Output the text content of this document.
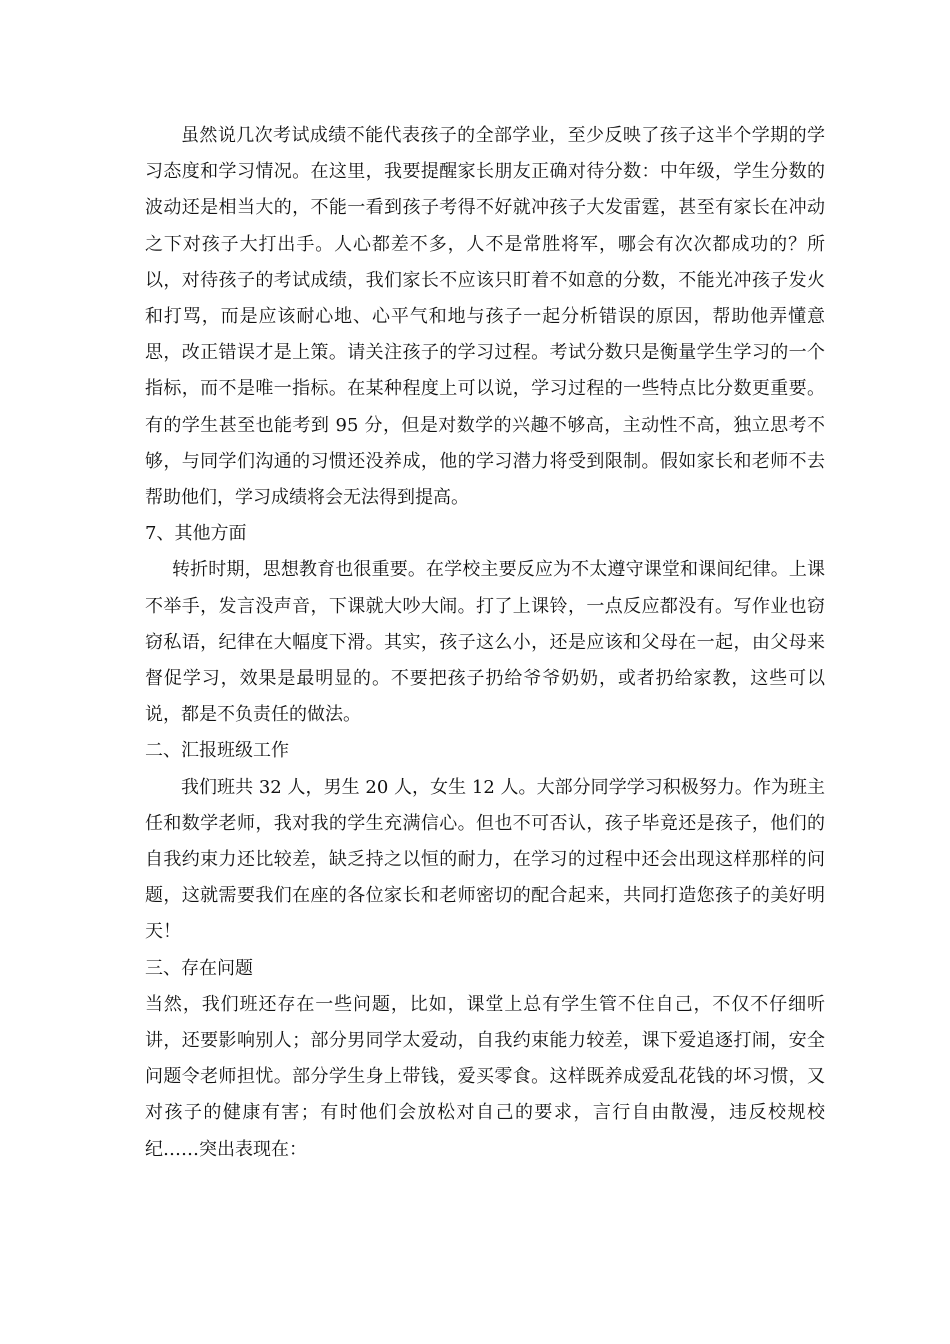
虽然说几次考试成绩不能代表孩子的全部学业，至少反映了孩子这半个学期的学习态度和学习情况。在这里，我要提醒家长朋友正确对待分数：中年级，学生分数的波动还是相当大的，不能一看到孩子考得不好就冲孩子大发雷霆，甚至有家长在冲动之下对孩子大打出手。人心都差不多，人不是常胜将军，哪会有次次都成功的？所以，对待孩子的考试成绩，我们家长不应该只盯着不如意的分数，不能光冲孩子发火和打骂，而是应该耐心地、心平气和地与孩子一起分析错误的原因，帮助他弄懂意思，改正错误才是上策。请关注孩子的学习过程。考试分数只是衡量学生学习的一个指标，而不是唯一指标。在某种程度上可以说，学习过程的一些特点比分数更重要。有的学生甚至也能考到 95 分，但是对数学的兴趣不够高，主动性不高，独立思考不够，与同学们沟通的习惯还没养成，他的学习潜力将受到限制。假如家长和老师不去帮助他们，学习成绩将会无法得到提高。

7、其他方面

转折时期，思想教育也很重要。在学校主要反应为不太遵守课堂和课间纪律。上课不举手，发言没声音，下课就大吵大闹。打了上课铃，一点反应都没有。写作业也窃窃私语，纪律在大幅度下滑。其实，孩子这么小，还是应该和父母在一起，由父母来督促学习，效果是最明显的。不要把孩子扔给爷爷奶奶，或者扔给家教，这些可以说，都是不负责任的做法。

二、汇报班级工作

我们班共 32 人，男生 20 人，女生 12 人。大部分同学学习积极努力。作为班主任和数学老师，我对我的学生充满信心。但也不可否认，孩子毕竟还是孩子，他们的自我约束力还比较差，缺乏持之以恒的耐力，在学习的过程中还会出现这样那样的问题，这就需要我们在座的各位家长和老师密切的配合起来，共同打造您孩子的美好明天！

三、存在问题

当然，我们班还存在一些问题，比如，课堂上总有学生管不住自己，不仅不仔细听讲，还要影响别人；部分男同学太爱动，自我约束能力较差，课下爱追逐打闹，安全问题令老师担忧。部分学生身上带钱，爱买零食。这样既养成爱乱花钱的坏习惯，又对孩子的健康有害；有时他们会放松对自己的要求，言行自由散漫，违反校规校纪……突出表现在：
